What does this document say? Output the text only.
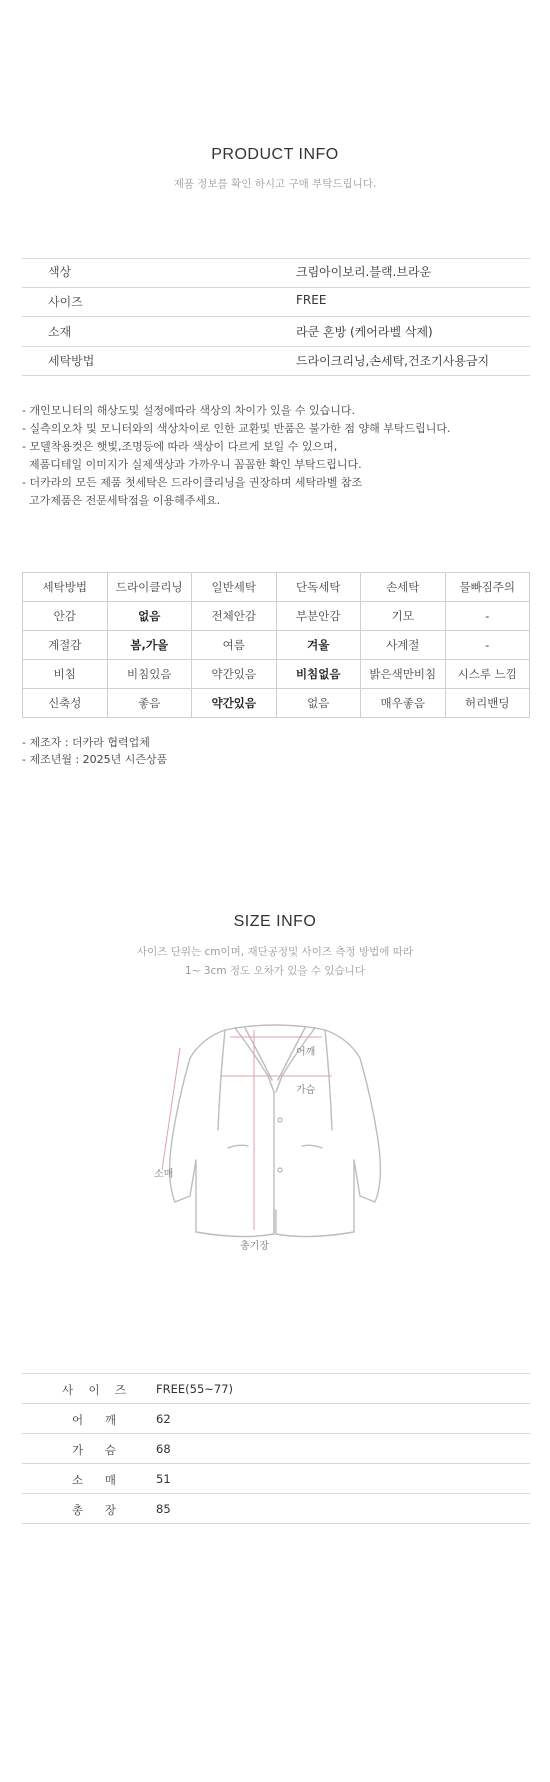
PRODUCT INFO
제품 정보를 확인 하시고 구매 부탁드립니다.
색상	크림아이보리.블랙.브라운
사이즈	FREE
소재	라쿤 혼방 (케어라벨 삭제)
세탁방법	드라이크리닝,손세탁,건조기사용금지
- 개인모니터의 해상도및 설정에따라 색상의 차이가 있을 수 있습니다.
- 실측의오차 및 모니터와의 색상차이로 인한 교환및 반품은 불가한 점 양해 부탁드립니다.
- 모델착용컷은 햇빛,조명등에 따라 색상이 다르게 보일 수 있으며,
제품디테일 이미지가 실제색상과 가까우니 꼼꼼한 확인 부탁드립니다.
- 더카라의 모든 제품 첫세탁은 드라이클리닝을 권장하며 세탁라벨 참조
고가제품은 전문세탁점을 이용해주세요.
세탁방법	드라이클리닝	일반세탁	단독세탁	손세탁	물빠짐주의
안감	없음	전체안감	부분안감	기모	-
계절감	봄,가을	여름	겨울	사계절	-
비침	비침있음	약간있음	비침없음	밝은색만비침	시스루 느낌
신축성	좋음	약간있음	없음	매우좋음	허리밴딩
- 제조자 : 더카라 협력업체
- 제조년월 : 2025년 시즌상품
SIZE INFO
사이즈 단위는 cm이며, 재단공정및 사이즈 측정 방법에 따라
1~ 3cm 정도 오차가 있을 수 있습니다
어깨
가슴
소매
총기장
사 이 즈	FREE(55~77)
어 깨	62
가 슴	68
소 매	51
총 장	85
